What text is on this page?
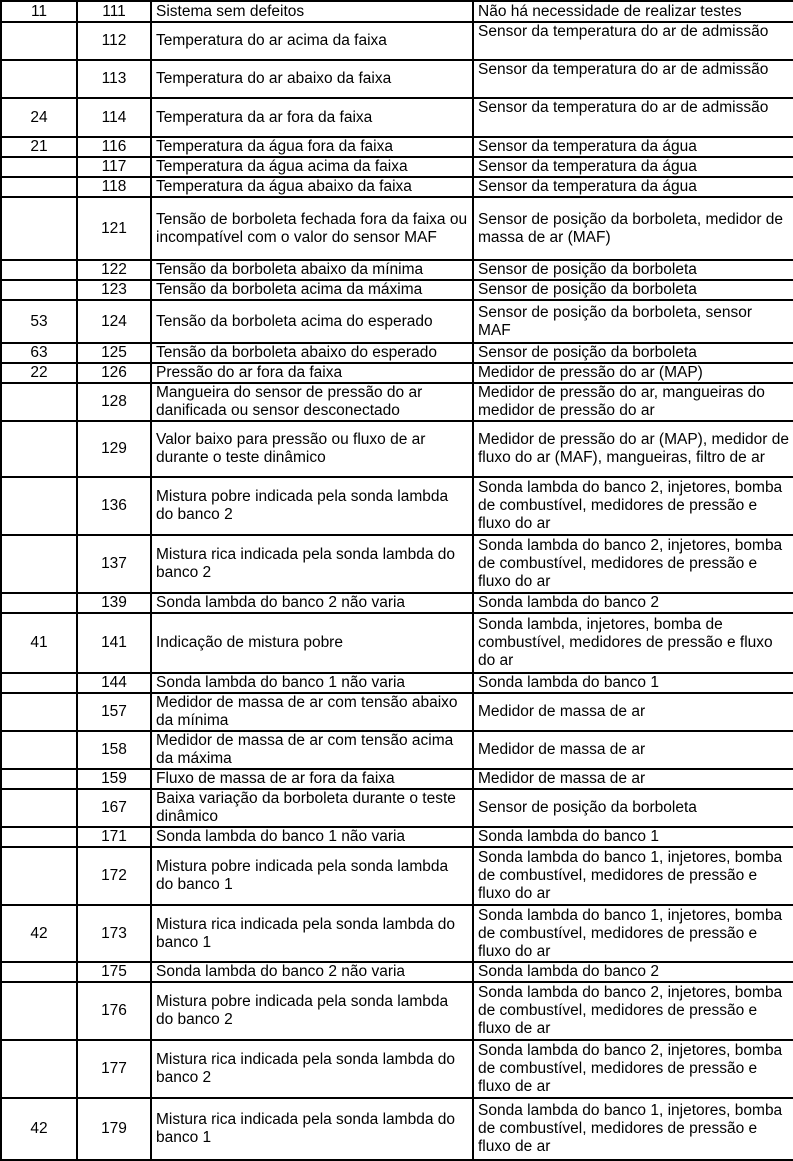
11	111	Sistema sem defeitos	Não há necessidade de realizar testes
	112	Temperatura do ar acima da faixa	Sensor da temperatura do ar de admissão
	113	Temperatura do ar abaixo da faixa	Sensor da temperatura do ar de admissão
24	114	Temperatura da ar fora da faixa	Sensor da temperatura do ar de admissão
21	116	Temperatura da água fora da faixa	Sensor da temperatura da água
	117	Temperatura da água acima da faixa	Sensor da temperatura da água
	118	Temperatura da água abaixo da faixa	Sensor da temperatura da água
	121	Tensão de borboleta fechada fora da faixa ou incompatível com o valor do sensor MAF	Sensor de posição da borboleta, medidor de massa de ar (MAF)
	122	Tensão da borboleta abaixo da mínima	Sensor de posição da borboleta
	123	Tensão da borboleta acima da máxima	Sensor de posição da borboleta
53	124	Tensão da borboleta acima do esperado	Sensor de posição da borboleta, sensor MAF
63	125	Tensão da borboleta abaixo do esperado	Sensor de posição da borboleta
22	126	Pressão do ar fora da faixa	Medidor de pressão do ar (MAP)
	128	Mangueira do sensor de pressão do ar danificada ou sensor desconectado	Medidor de pressão do ar, mangueiras do medidor de pressão do ar
	129	Valor baixo para pressão ou fluxo de ar durante o teste dinâmico	Medidor de pressão do ar (MAP), medidor de fluxo do ar (MAF), mangueiras, filtro de ar
	136	Mistura pobre indicada pela sonda lambda do banco 2	Sonda lambda do banco 2, injetores, bomba de combustível, medidores de pressão e fluxo do ar
	137	Mistura rica indicada pela sonda lambda do banco 2	Sonda lambda do banco 2, injetores, bomba de combustível, medidores de pressão e fluxo do ar
	139	Sonda lambda do banco 2 não varia	Sonda lambda do banco 2
41	141	Indicação de mistura pobre	Sonda lambda, injetores, bomba de combustível, medidores de pressão e fluxo do ar
	144	Sonda lambda do banco 1 não varia	Sonda lambda do banco 1
	157	Medidor de massa de ar com tensão abaixo da mínima	Medidor de massa de ar
	158	Medidor de massa de ar com tensão acima da máxima	Medidor de massa de ar
	159	Fluxo de massa de ar fora da faixa	Medidor de massa de ar
	167	Baixa variação da borboleta durante o teste dinâmico	Sensor de posição da borboleta
	171	Sonda lambda do banco 1 não varia	Sonda lambda do banco 1
	172	Mistura pobre indicada pela sonda lambda do banco 1	Sonda lambda do banco 1, injetores, bomba de combustível, medidores de pressão e fluxo do ar
42	173	Mistura rica indicada pela sonda lambda do banco 1	Sonda lambda do banco 1, injetores, bomba de combustível, medidores de pressão e fluxo do ar
	175	Sonda lambda do banco 2 não varia	Sonda lambda do banco 2
	176	Mistura pobre indicada pela sonda lambda do banco 2	Sonda lambda do banco 2, injetores, bomba de combustível, medidores de pressão e fluxo de ar
	177	Mistura rica indicada pela sonda lambda do banco 2	Sonda lambda do banco 2, injetores, bomba de combustível, medidores de pressão e fluxo de ar
42	179	Mistura rica indicada pela sonda lambda do banco 1	Sonda lambda do banco 1, injetores, bomba de combustível, medidores de pressão e fluxo de ar
